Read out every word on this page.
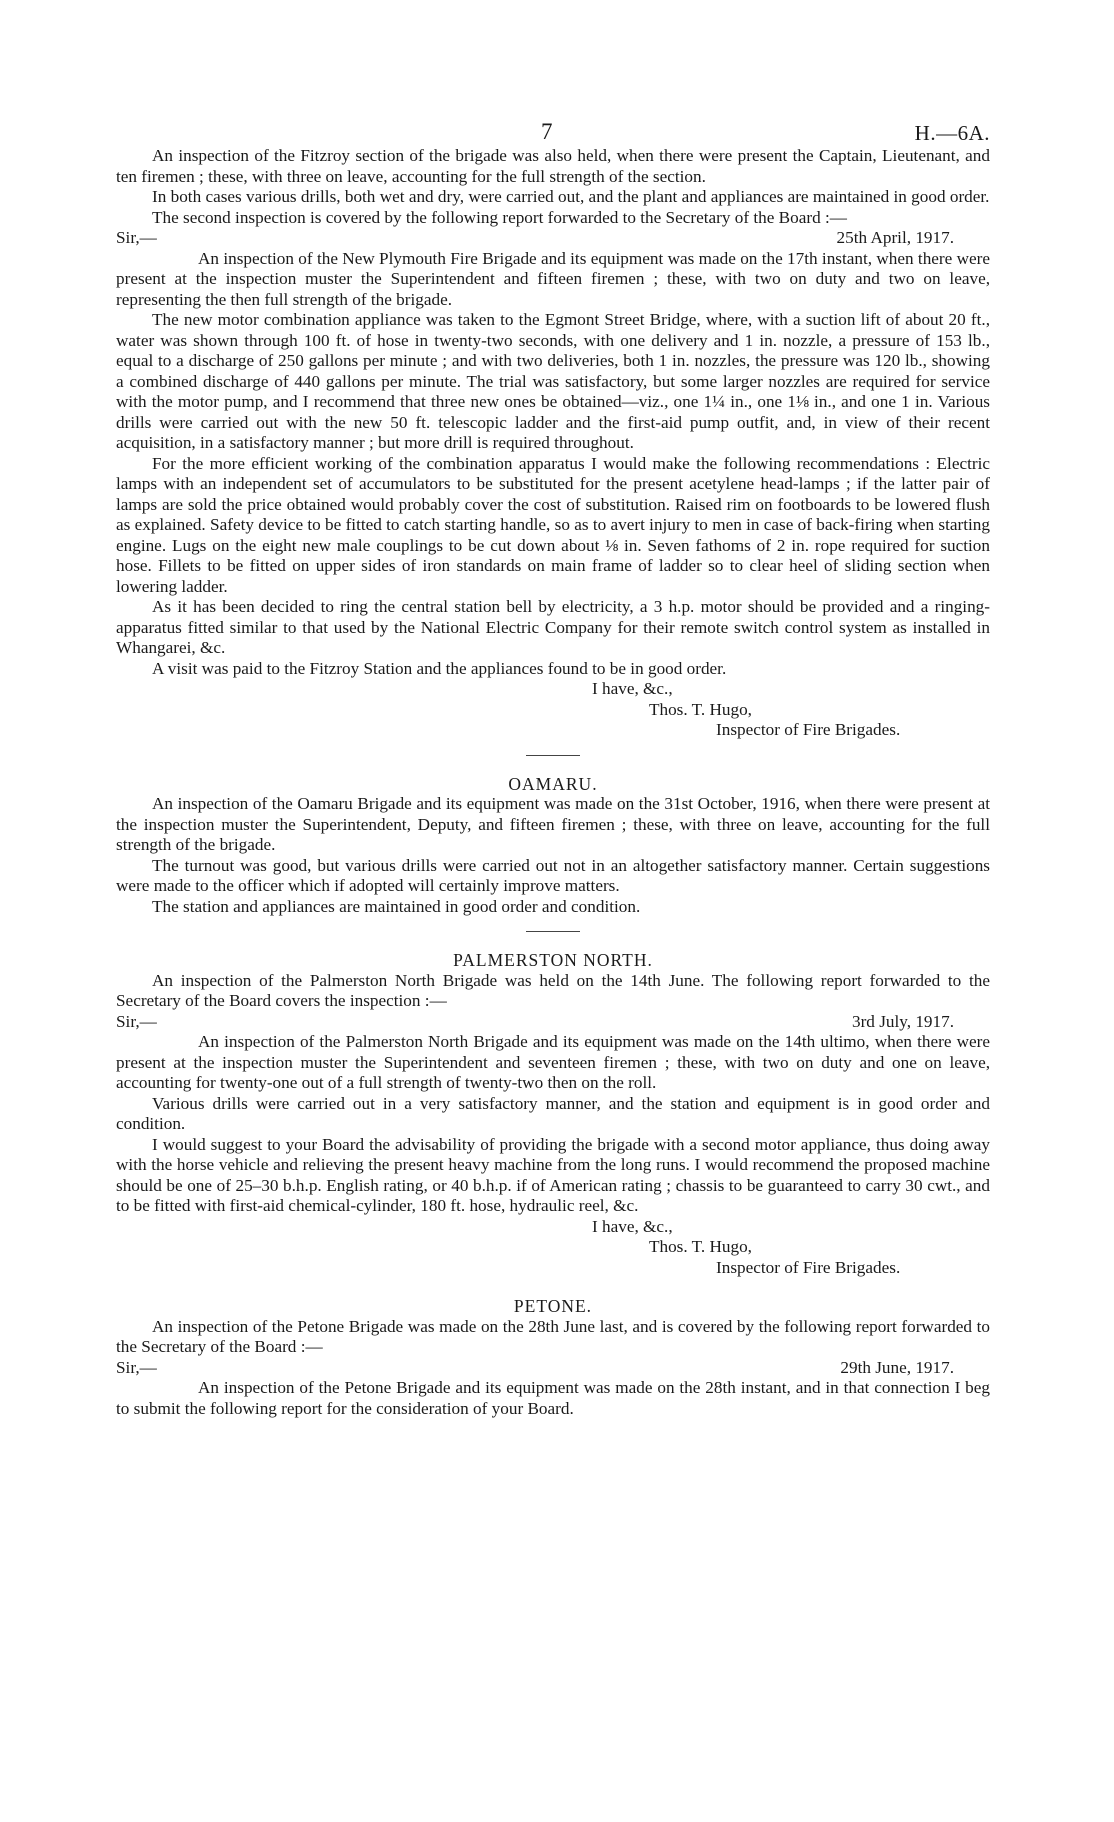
7	H.—6A.

An inspection of the Fitzroy section of the brigade was also held, when there were present the Captain, Lieutenant, and ten firemen ; these, with three on leave, accounting for the full strength of the section.

In both cases various drills, both wet and dry, were carried out, and the plant and appliances are maintained in good order.

The second inspection is covered by the following report forwarded to the Secretary of the Board :—

Sir,—	25th April, 1917.

An inspection of the New Plymouth Fire Brigade and its equipment was made on the 17th instant, when there were present at the inspection muster the Superintendent and fifteen firemen ; these, with two on duty and two on leave, representing the then full strength of the brigade.

The new motor combination appliance was taken to the Egmont Street Bridge, where, with a suction lift of about 20 ft., water was shown through 100 ft. of hose in twenty-two seconds, with one delivery and 1 in. nozzle, a pressure of 153 lb., equal to a discharge of 250 gallons per minute ; and with two deliveries, both 1 in. nozzles, the pressure was 120 lb., showing a combined discharge of 440 gallons per minute. The trial was satisfactory, but some larger nozzles are required for service with the motor pump, and I recommend that three new ones be obtained—viz., one 1¼ in., one 1⅛ in., and one 1 in. Various drills were carried out with the new 50 ft. telescopic ladder and the first-aid pump outfit, and, in view of their recent acquisition, in a satisfactory manner ; but more drill is required throughout.

For the more efficient working of the combination apparatus I would make the following recommendations : Electric lamps with an independent set of accumulators to be substituted for the present acetylene head-lamps ; if the latter pair of lamps are sold the price obtained would probably cover the cost of substitution. Raised rim on footboards to be lowered flush as explained. Safety device to be fitted to catch starting handle, so as to avert injury to men in case of back-firing when starting engine. Lugs on the eight new male couplings to be cut down about ⅛ in. Seven fathoms of 2 in. rope required for suction hose. Fillets to be fitted on upper sides of iron standards on main frame of ladder so to clear heel of sliding section when lowering ladder.

As it has been decided to ring the central station bell by electricity, a 3 h.p. motor should be provided and a ringing-apparatus fitted similar to that used by the National Electric Company for their remote switch control system as installed in Whangarei, &c.

A visit was paid to the Fitzroy Station and the appliances found to be in good order.

I have, &c.,

Thos. T. Hugo,

Inspector of Fire Brigades.

OAMARU.

An inspection of the Oamaru Brigade and its equipment was made on the 31st October, 1916, when there were present at the inspection muster the Superintendent, Deputy, and fifteen firemen ; these, with three on leave, accounting for the full strength of the brigade.

The turnout was good, but various drills were carried out not in an altogether satisfactory manner. Certain suggestions were made to the officer which if adopted will certainly improve matters.

The station and appliances are maintained in good order and condition.

PALMERSTON NORTH.

An inspection of the Palmerston North Brigade was held on the 14th June. The following report forwarded to the Secretary of the Board covers the inspection :—

Sir,—	3rd July, 1917.

An inspection of the Palmerston North Brigade and its equipment was made on the 14th ultimo, when there were present at the inspection muster the Superintendent and seventeen firemen ; these, with two on duty and one on leave, accounting for twenty-one out of a full strength of twenty-two then on the roll.

Various drills were carried out in a very satisfactory manner, and the station and equipment is in good order and condition.

I would suggest to your Board the advisability of providing the brigade with a second motor appliance, thus doing away with the horse vehicle and relieving the present heavy machine from the long runs. I would recommend the proposed machine should be one of 25–30 b.h.p. English rating, or 40 b.h.p. if of American rating ; chassis to be guaranteed to carry 30 cwt., and to be fitted with first-aid chemical-cylinder, 180 ft. hose, hydraulic reel, &c.

I have, &c.,

Thos. T. Hugo,

Inspector of Fire Brigades.

PETONE.

An inspection of the Petone Brigade was made on the 28th June last, and is covered by the following report forwarded to the Secretary of the Board :—

Sir,—	29th June, 1917.

An inspection of the Petone Brigade and its equipment was made on the 28th instant, and in that connection I beg to submit the following report for the consideration of your Board.
